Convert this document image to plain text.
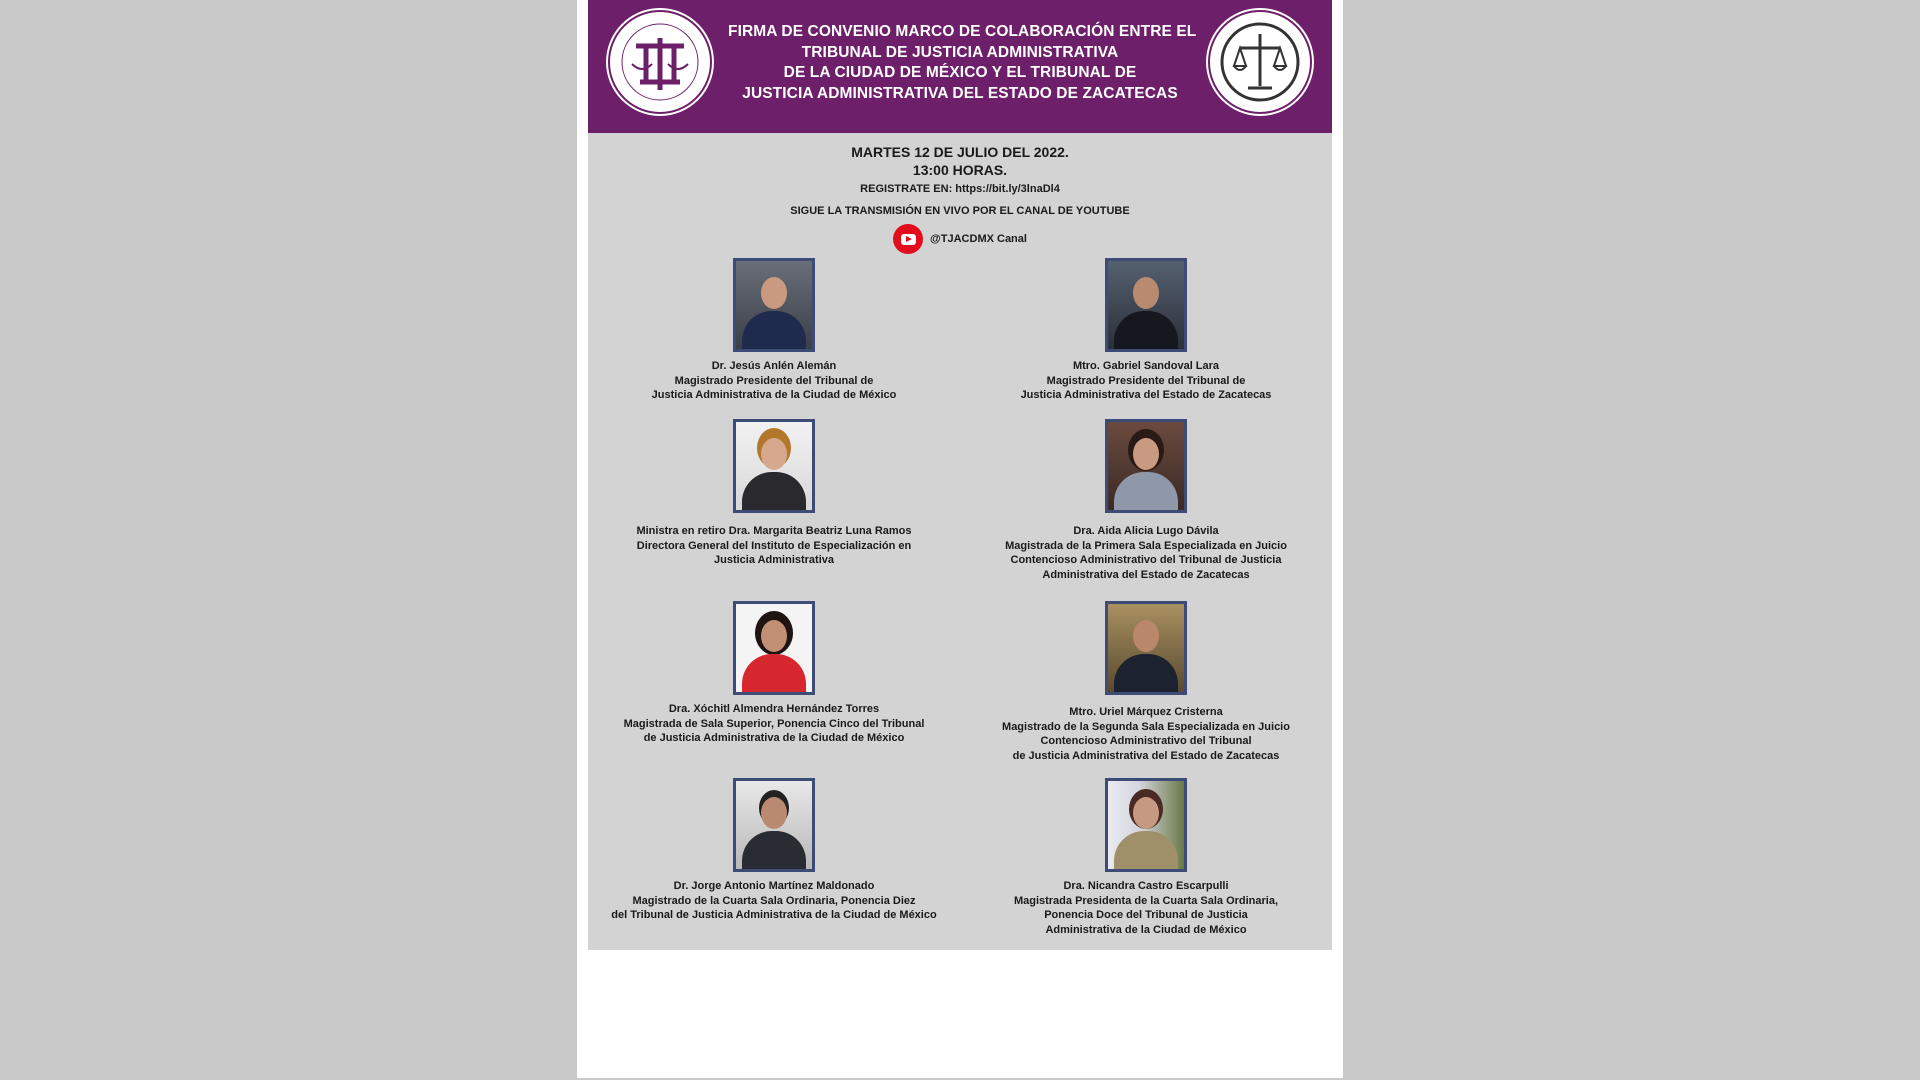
FIRMA DE CONVENIO MARCO DE COLABORACIÓN ENTRE EL
TRIBUNAL DE JUSTICIA ADMINISTRATIVA
DE LA CIUDAD DE MÉXICO Y EL TRIBUNAL DE
JUSTICIA ADMINISTRATIVA DEL ESTADO DE ZACATECAS
MARTES 12 DE JULIO DEL 2022.
13:00 HORAS.
REGISTRATE EN: https://bit.ly/3lnaDl4
SIGUE LA TRANSMISIÓN EN VIVO POR EL CANAL DE YOUTUBE
@TJACDMX Canal
Dr. Jesús Anlén Alemán
Magistrado Presidente del Tribunal de
Justicia Administrativa de la Ciudad de México
Mtro. Gabriel Sandoval Lara
Magistrado Presidente del Tribunal de
Justicia Administrativa del Estado de Zacatecas
Ministra en retiro Dra. Margarita Beatriz Luna Ramos
Directora General del Instituto de Especialización en
Justicia Administrativa
Dra. Aida Alicia Lugo Dávila
Magistrada de la Primera Sala Especializada en Juicio
Contencioso Administrativo del Tribunal de Justicia
Administrativa del Estado de Zacatecas
Dra. Xóchitl Almendra Hernández Torres
Magistrada de Sala Superior, Ponencia Cinco del Tribunal
de Justicia Administrativa de la Ciudad de México
Mtro. Uriel Márquez Cristerna
Magistrado de la Segunda Sala Especializada en Juicio
Contencioso Administrativo del Tribunal
de Justicia Administrativa del Estado de Zacatecas
Dr. Jorge Antonio Martínez Maldonado
Magistrado de la Cuarta Sala Ordinaria, Ponencia Diez
del Tribunal de Justicia Administrativa de la Ciudad de México
Dra. Nicandra Castro Escarpulli
Magistrada Presidenta de la Cuarta Sala Ordinaria,
Ponencia Doce del Tribunal de Justicia
Administrativa de la Ciudad de México
